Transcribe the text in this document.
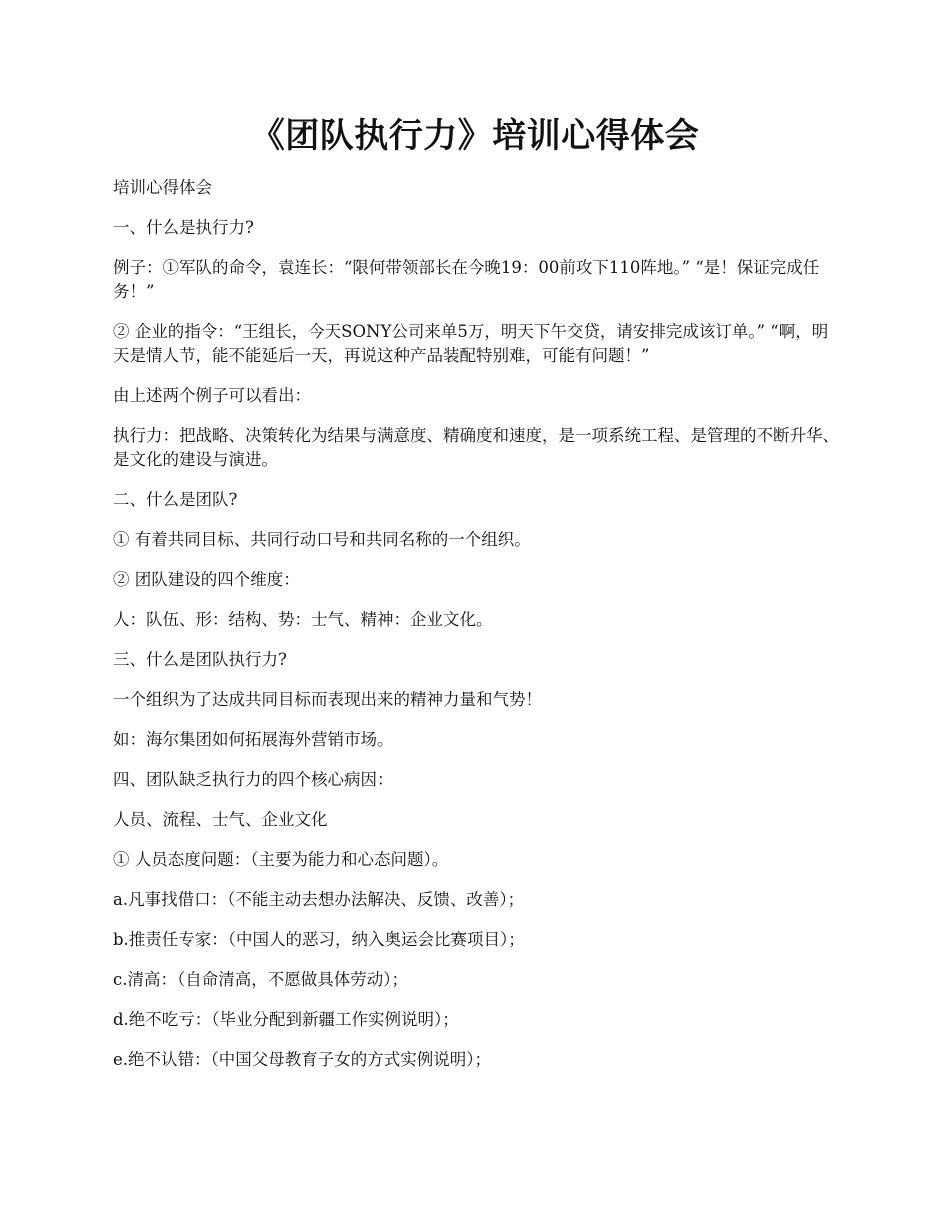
《团队执行力》培训心得体会

培训心得体会

一、什么是执行力?

例子：①军队的命令，袁连长：“限何带领部长在今晚19：00前攻下110阵地。” “是！保证完成任务！”

② 企业的指令：“王组长，今天SONY公司来单5万，明天下午交贷，请安排完成该订单。” “啊，明天是情人节，能不能延后一天，再说这种产品装配特别难，可能有问题！”

由上述两个例子可以看出：

执行力：把战略、决策转化为结果与满意度、精确度和速度，是一项系统工程、是管理的不断升华、是文化的建设与演进。

二、什么是团队?

① 有着共同目标、共同行动口号和共同名称的一个组织。

② 团队建设的四个维度：

人：队伍、形：结构、势：士气、精神：企业文化。

三、什么是团队执行力?

一个组织为了达成共同目标而表现出来的精神力量和气势！

如：海尔集团如何拓展海外营销市场。

四、团队缺乏执行力的四个核心病因：

人员、流程、士气、企业文化

① 人员态度问题：（主要为能力和心态问题）。

a.凡事找借口：（不能主动去想办法解决、反馈、改善）；

b.推责任专家：（中国人的恶习，纳入奥运会比赛项目）；

c.清高：（自命清高，不愿做具体劳动）；

d.绝不吃亏：（毕业分配到新疆工作实例说明）；

e.绝不认错：（中国父母教育子女的方式实例说明）；
